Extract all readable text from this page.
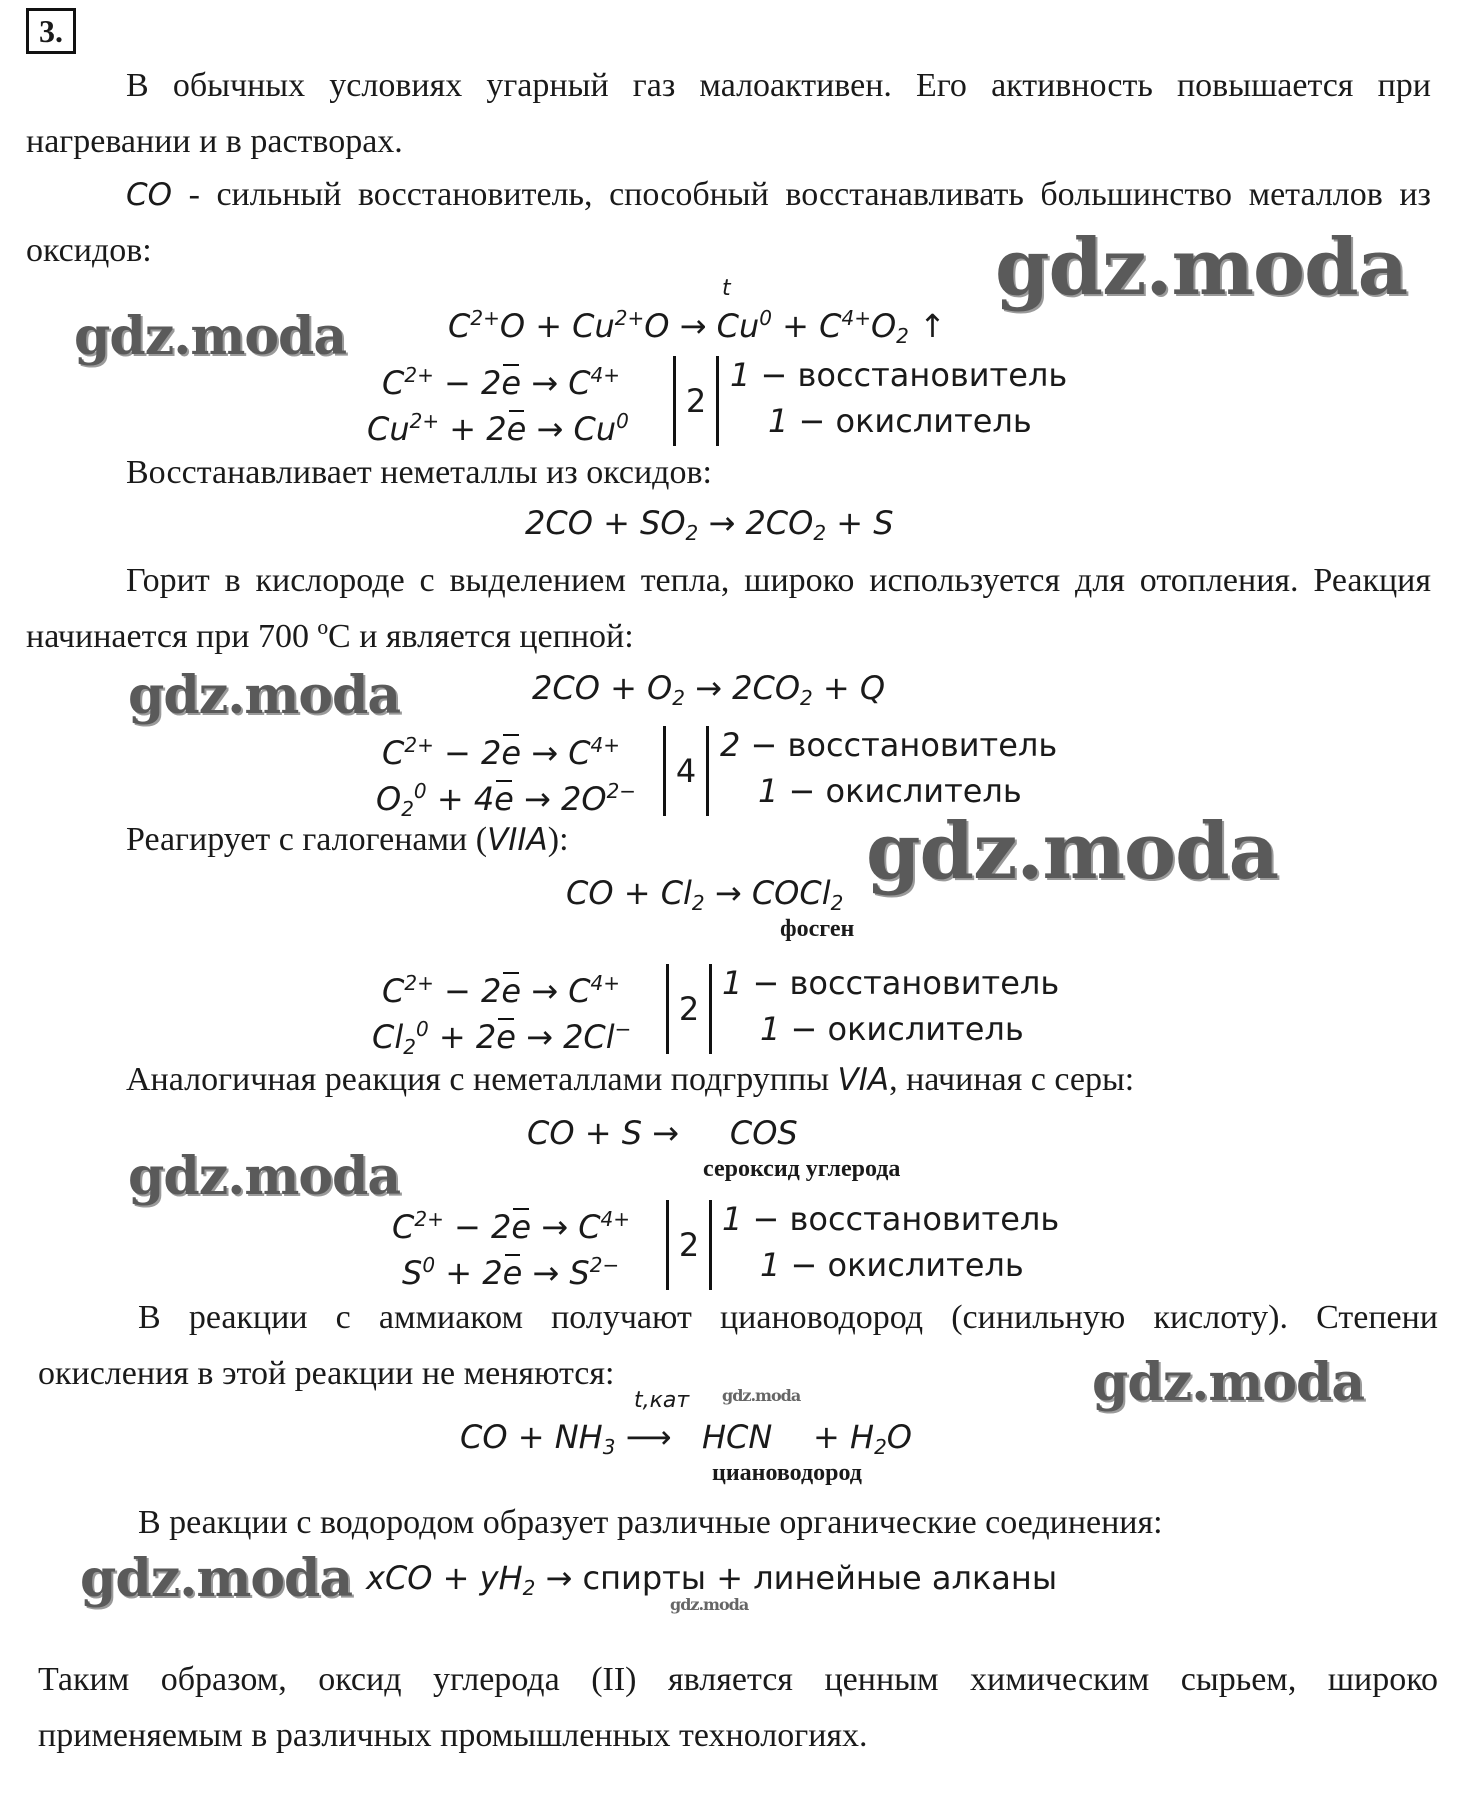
3.

В обычных условиях угарный газ малоактивен. Его активность повышается при нагревании и в растворах.

CO - сильный восстановитель, способный восстанавливать большинство металлов из оксидов:

t
$C^{2+}O + Cu^{2+}O \to Cu^0 + C^{4+}O_2$ ↑
$C^{2+} - 2e \to C^{4+}$
$Cu^{2+} + 2e \to Cu^0$
2
1 − восстановитель
1 − окислитель

Восстанавливает неметаллы из оксидов:

$2CO + SO_2 \to 2CO_2 + S$

Горит в кислороде с выделением тепла, широко используется для отопления. Реакция начинается при 700 ºС и является цепной:

$2CO + O_2 \to 2CO_2 + Q$
$C^{2+} - 2e \to C^{4+}$
$O_2^0 + 4e \to 2O^{2-}$
4
2 − восстановитель
1 − окислитель

Реагирует с галогенами (VIIA):

CO + $Cl_2$ → COCl$_2$
фосген
$C^{2+} - 2e \to C^{4+}$
$Cl_2^0 + 2e \to 2Cl^-$
2
1 − восстановитель
1 − окислитель

Аналогичная реакция с неметаллами подгруппы VIA, начиная с серы:

CO + S →     COS
сероксид углерода
$C^{2+} - 2e \to C^{4+}$
$S^0 + 2e \to S^{2-}$
2
1 − восстановитель
1 − окислитель

В реакции с аммиаком получают циановодород (синильную кислоту). Степени окисления в этой реакции не меняются:

t,кат
CO + $NH_3$ ⟶   HCN    + $H_2O$
циановодород

В реакции с водородом образует различные органические соединения:

xCO + $yH_2$ → спирты + линейные алканы

Таким образом, оксид углерода (II) является ценным химическим сырьем, широко применяемым в различных промышленных технологиях.

gdz.moda
gdz.moda
gdz.moda
gdz.moda
gdz.moda
gdz.moda
gdz.moda
gdz.moda	gdz.moda
